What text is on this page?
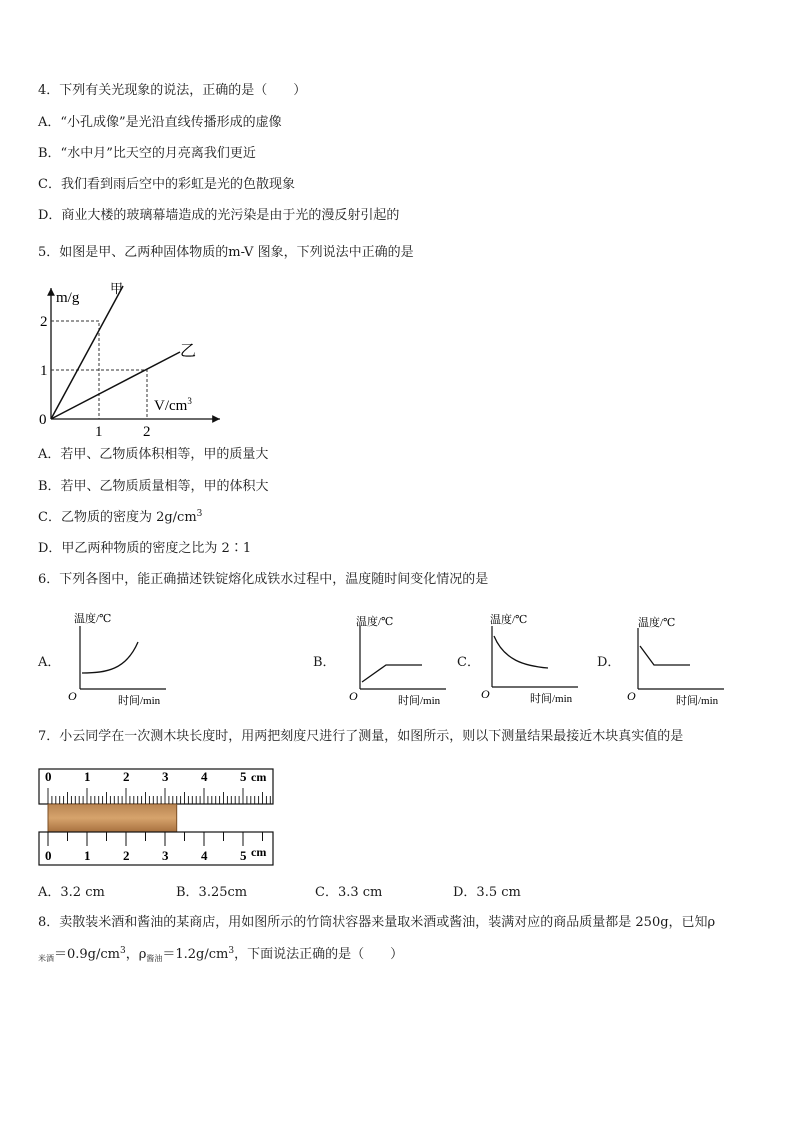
4．下列有关光现象的说法，正确的是（　　）
A．“小孔成像”是光沿直线传播形成的虚像
B．“水中月”比天空的月亮离我们更近
C．我们看到雨后空中的彩虹是光的色散现象
D．商业大楼的玻璃幕墙造成的光污染是由于光的漫反射引起的
5．如图是甲、乙两种固体物质的m-V 图象，下列说法中正确的是
m/g
甲
乙
2
1
0
1	2
$V/cm^3$
A．若甲、乙物质体积相等，甲的质量大
B．若甲、乙物质质量相等，甲的体积大
C．乙物质的密度为 $2g/cm^3$
D．甲乙两种物质的密度之比为 2∶1
6．下列各图中，能正确描述铁锭熔化成铁水过程中，温度随时间变化情况的是
A．
温度/℃
O	时间/min
B．
温度/℃
O	时间/min
C．
温度/℃
O	时间/min
D．
温度/℃
O	时间/min
7．小云同学在一次测木块长度时，用两把刻度尺进行了测量，如图所示，则以下测量结果最接近木块真实值的是
0	1	2	3	4	5
0	1	2	3	4	5
cm
cm
A．3.2 cm	B．3.25cm	C．3.3 cm	D．3.5 cm
8．卖散装米酒和酱油的某商店，用如图所示的竹筒状容器来量取米酒或酱油，装满对应的商品质量都是 250g，已知ρ
$_{米酒}=0.9g/cm^3$，$\rho_{酱油}=1.2g/cm^3$，下面说法正确的是（　　）
